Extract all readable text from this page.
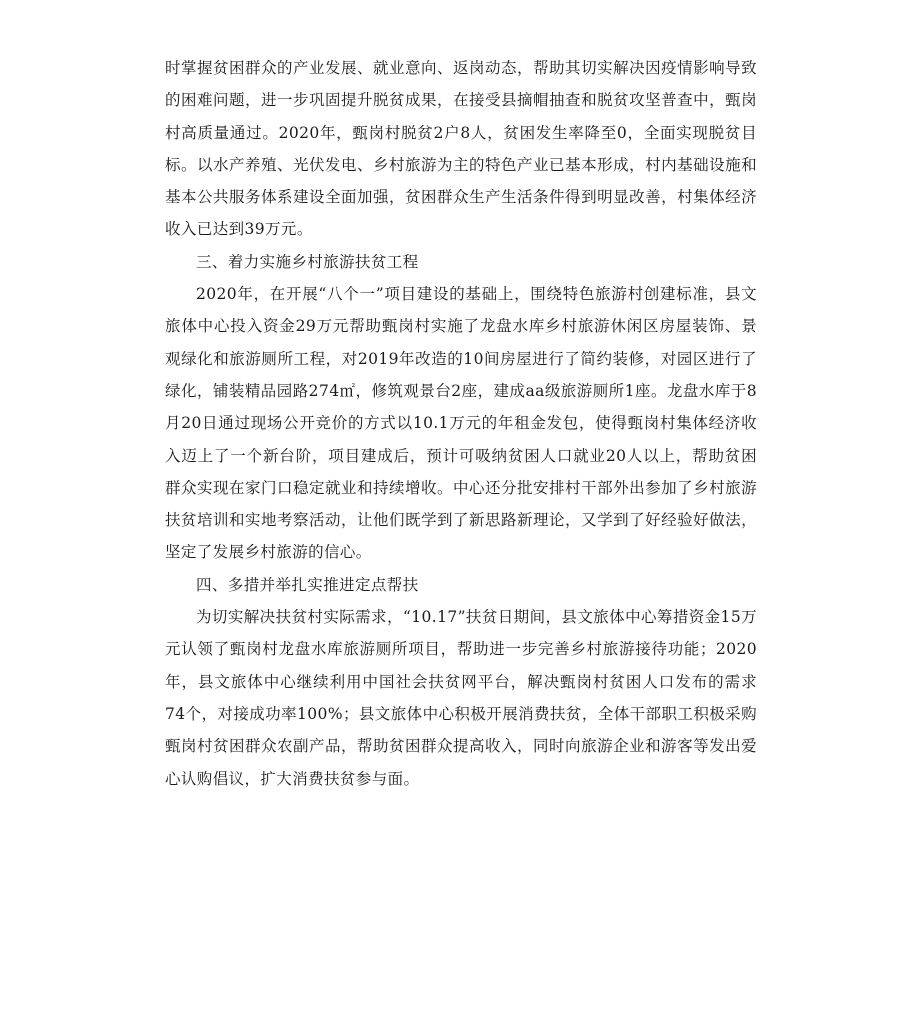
时掌握贫困群众的产业发展、就业意向、返岗动态，帮助其切实解决因疫情影响导致的困难问题，进一步巩固提升脱贫成果，在接受县摘帽抽查和脱贫攻坚普查中，甄岗村高质量通过。2020年，甄岗村脱贫2户8人，贫困发生率降至0，全面实现脱贫目标。以水产养殖、光伏发电、乡村旅游为主的特色产业已基本形成，村内基础设施和基本公共服务体系建设全面加强，贫困群众生产生活条件得到明显改善，村集体经济收入已达到39万元。

三、着力实施乡村旅游扶贫工程

2020年，在开展“八个一”项目建设的基础上，围绕特色旅游村创建标准，县文旅体中心投入资金29万元帮助甄岗村实施了龙盘水库乡村旅游休闲区房屋装饰、景观绿化和旅游厕所工程，对2019年改造的10间房屋进行了简约装修，对园区进行了绿化，铺装精品园路274㎡，修筑观景台2座，建成aa级旅游厕所1座。龙盘水库于8月20日通过现场公开竞价的方式以10.1万元的年租金发包，使得甄岗村集体经济收入迈上了一个新台阶，项目建成后，预计可吸纳贫困人口就业20人以上，帮助贫困群众实现在家门口稳定就业和持续增收。中心还分批安排村干部外出参加了乡村旅游扶贫培训和实地考察活动，让他们既学到了新思路新理论，又学到了好经验好做法，坚定了发展乡村旅游的信心。

四、多措并举扎实推进定点帮扶

为切实解决扶贫村实际需求，“10.17”扶贫日期间，县文旅体中心筹措资金15万元认领了甄岗村龙盘水库旅游厕所项目，帮助进一步完善乡村旅游接待功能；2020年，县文旅体中心继续利用中国社会扶贫网平台，解决甄岗村贫困人口发布的需求74个，对接成功率100%；县文旅体中心积极开展消费扶贫，全体干部职工积极采购甄岗村贫困群众农副产品，帮助贫困群众提高收入，同时向旅游企业和游客等发出爱心认购倡议，扩大消费扶贫参与面。
